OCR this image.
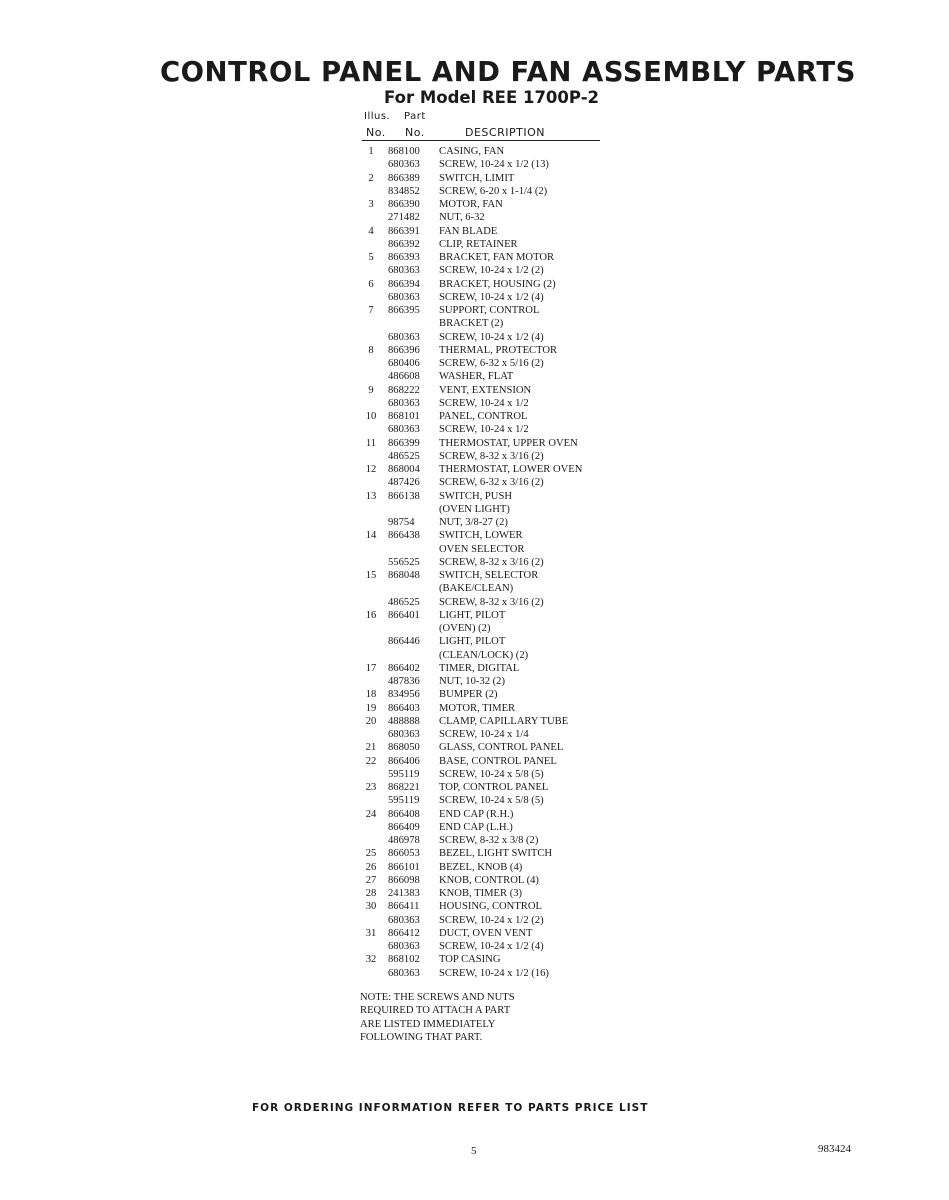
CONTROL PANEL AND FAN ASSEMBLY PARTS
For Model REE 1700P-2
Illus. Part
No. No.	DESCRIPTION
1	868100 CASING, FAN
680363 SCREW, 10-24 x 1/2 (13)
2	866389 SWITCH, LIMIT
834852 SCREW, 6-20 x 1-1/4 (2)
3	866390 MOTOR, FAN
271482 NUT, 6-32
4	866391 FAN BLADE
866392 CLIP, RETAINER
5	866393 BRACKET, FAN MOTOR
680363 SCREW, 10-24 x 1/2 (2)
6	866394 BRACKET, HOUSING (2)
680363 SCREW, 10-24 x 1/2 (4)
7	866395 SUPPORT, CONTROL
BRACKET (2)
680363 SCREW, 10-24 x 1/2 (4)
8	866396 THERMAL, PROTECTOR
680406 SCREW, 6-32 x 5/16 (2)
486608 WASHER, FLAT
9	868222 VENT, EXTENSION
680363 SCREW, 10-24 x 1/2
10	868101 PANEL, CONTROL
680363 SCREW, 10-24 x 1/2
11	866399 THERMOSTAT, UPPER OVEN
486525 SCREW, 8-32 x 3/16 (2)
12	868004 THERMOSTAT, LOWER OVEN
487426 SCREW, 6-32 x 3/16 (2)
13	866138 SWITCH, PUSH
(OVEN LIGHT)
98754 NUT, 3/8-27 (2)
14	866438 SWITCH, LOWER
OVEN SELECTOR
556525 SCREW, 8-32 x 3/16 (2)
15	868048 SWITCH, SELECTOR
(BAKE/CLEAN)
486525 SCREW, 8-32 x 3/16 (2)
16	866401 LIGHT, PILOT
(OVEN) (2)
866446 LIGHT, PILOT
(CLEAN/LOCK) (2)
17	866402 TIMER, DIGITAL
487836 NUT, 10-32 (2)
18	834956 BUMPER (2)
19	866403 MOTOR, TIMER
20	488888 CLAMP, CAPILLARY TUBE
680363 SCREW, 10-24 x 1/4
21	868050 GLASS, CONTROL PANEL
22	866406 BASE, CONTROL PANEL
595119 SCREW, 10-24 x 5/8 (5)
23	868221 TOP, CONTROL PANEL
595119 SCREW, 10-24 x 5/8 (5)
24	866408 END CAP (R.H.)
866409 END CAP (L.H.)
486978 SCREW, 8-32 x 3/8 (2)
25	866053 BEZEL, LIGHT SWITCH
26	866101 BEZEL, KNOB (4)
27	866098 KNOB, CONTROL (4)
28	241383 KNOB, TIMER (3)
30	866411 HOUSING, CONTROL
680363 SCREW, 10-24 x 1/2 (2)
31	866412 DUCT, OVEN VENT
680363 SCREW, 10-24 x 1/2 (4)
32	868102 TOP CASING
680363 SCREW, 10-24 x 1/2 (16)
NOTE: THE SCREWS AND NUTS
REQUIRED TO ATTACH A PART
ARE LISTED IMMEDIATELY
FOLLOWING THAT PART.

FOR ORDERING INFORMATION REFER TO PARTS PRICE LIST

5	983424
